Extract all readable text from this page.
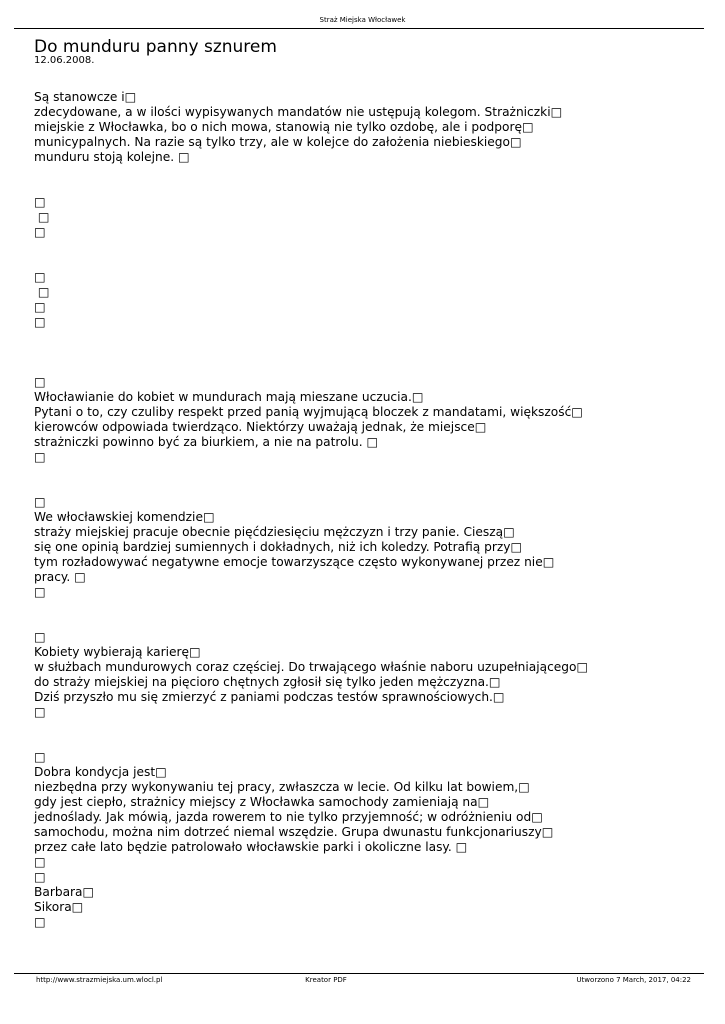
Straż Miejska Włocławek
Do munduru panny sznurem
12.06.2008.
Są stanowcze i□
zdecydowane, a w ilości wypisywanych mandatów nie ustępują kolegom. Strażniczki□
miejskie z Włocławka, bo o nich mowa, stanowią nie tylko ozdobę, ale i podporę□
municypalnych. Na razie są tylko trzy, ale w kolejce do założenia niebieskiego□
munduru stoją kolejne. □
□
□
□
□
□
□
□
□
Włocławianie do kobiet w mundurach mają mieszane uczucia.□
Pytani o to, czy czuliby respekt przed panią wyjmującą bloczek z mandatami, większość□
kierowców odpowiada twierdząco. Niektórzy uważają jednak, że miejsce□
strażniczki powinno być za biurkiem, a nie na patrolu. □
□
□
We włocławskiej komendzie□
straży miejskiej pracuje obecnie pięćdziesięciu mężczyzn i trzy panie. Cieszą□
się one opinią bardziej sumiennych i dokładnych, niż ich koledzy. Potrafią przy□
tym rozładowywać negatywne emocje towarzyszące często wykonywanej przez nie□
pracy. □
□
□
Kobiety wybierają karierę□
w służbach mundurowych coraz częściej. Do trwającego właśnie naboru uzupełniającego□
do straży miejskiej na pięcioro chętnych zgłosił się tylko jeden mężczyzna.□
Dziś przyszło mu się zmierzyć z paniami podczas testów sprawnościowych.□
□
□
Dobra kondycja jest□
niezbędna przy wykonywaniu tej pracy, zwłaszcza w lecie. Od kilku lat bowiem,□
gdy jest ciepło, strażnicy miejscy z Włocławka samochody zamieniają na□
jednoślady. Jak mówią, jazda rowerem to nie tylko przyjemność; w odróżnieniu od□
samochodu, można nim dotrzeć niemal wszędzie. Grupa dwunastu funkcjonariuszy□
przez całe lato będzie patrolowało włocławskie parki i okoliczne lasy. □
□
□
Barbara□
Sikora□
□
http://www.strazmiejska.um.wlocl.pl	Kreator PDF	Utworzono 7 March, 2017, 04:22
